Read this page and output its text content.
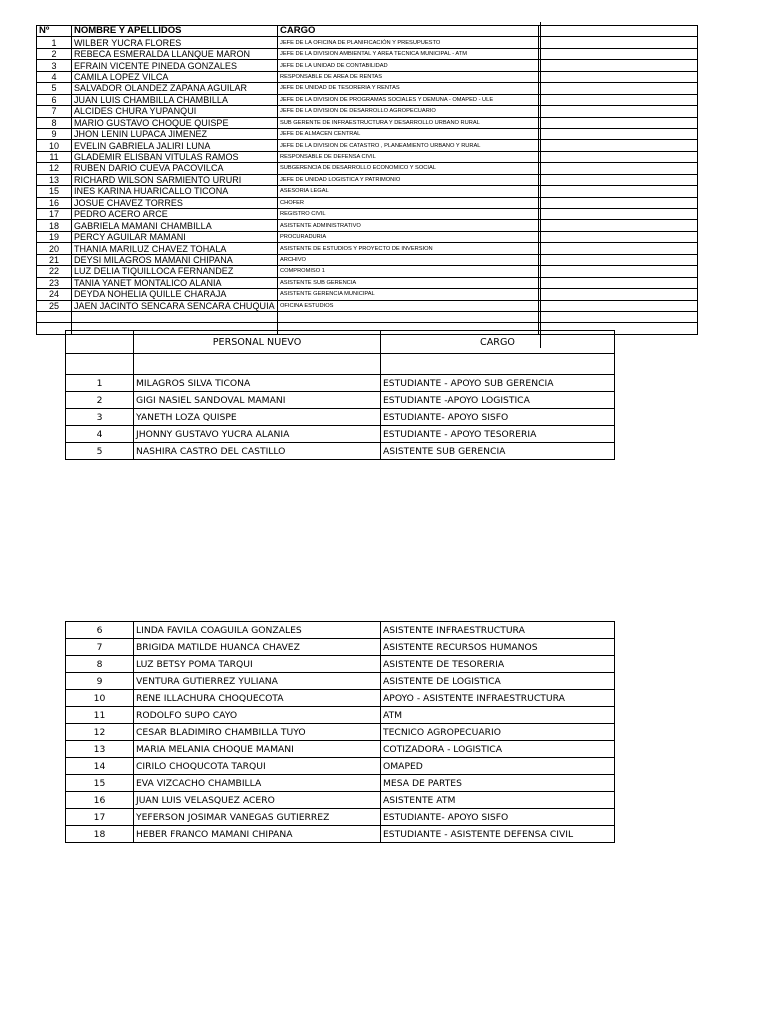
Nº	NOMBRE Y APELLIDOS	CARGO	
1	WILBER YUCRA FLORES	JEFE DE LA OFICINA DE PLANIFICACIÓN Y PRESUPUESTO	
2	REBECA ESMERALDA LLANQUE MARON	JEFE DE LA DIVISION AMBIENTAL Y AREA TECNICA MUNICIPAL - ATM	
3	EFRAIN VICENTE PINEDA GONZALES	JEFE DE LA UNIDAD DE CONTABILIDAD	
4	CAMILA LOPEZ VILCA	RESPONSABLE DE AREA DE RENTAS	
5	SALVADOR OLANDEZ ZAPANA AGUILAR	JEFE DE UNIDAD DE TESORERIA Y RENTAS	
6	JUAN LUIS CHAMBILLA CHAMBILLA	JEFE DE LA DIVISION DE PROGRAMAS SOCIALES Y DEMUNA - OMAPED - ULE	
7	ALCIDES CHURA YUPANQUI	JEFE DE LA DIVISION DE DESARROLLO AGROPECUARIO	
8	MARIO GUSTAVO CHOQUE QUISPE	SUB GERENTE DE INFRAESTRUCTURA Y DESARROLLO URBANO RURAL	
9	JHON LENIN LUPACA JIMENEZ	JEFE DE ALMACEN CENTRAL	
10	EVELIN GABRIELA JALIRI LUNA	JEFE DE LA DIVISION DE CATASTRO , PLANEAMIENTO URBANO Y RURAL	
11	GLADEMIR ELISBAN VITULAS RAMOS	RESPONSABLE DE DEFENSA CIVIL	
12	RUBEN DARIO CUEVA PACOVILCA	SUBGERENCIA DE DESARROLLO ECONOMICO Y SOCIAL	
13	RICHARD WILSON SARMIENTO URURI	JEFE DE UNIDAD LOGISTICA Y PATRIMONIO	
15	INES KARINA HUARICALLO TICONA	ASESORIA LEGAL	
16	JOSUE CHAVEZ TORRES	CHOFER	
17	PEDRO ACERO ARCE	REGISTRO CIVIL	
18	GABRIELA MAMANI CHAMBILLA	ASISTENTE ADMINISTRATIVO	
19	PERCY AGUILAR MAMANI	PROCURADURIA	
20	THANIA MARILUZ CHAVEZ TOHALA	ASISTENTE DE ESTUDIOS Y PROYECTO DE INVERSION	
21	DEYSI MILAGROS MAMANI CHIPANA	ARCHIVO	
22	LUZ DELIA TIQUILLOCA FERNANDEZ	COMPROMISO 1	
23	TANIA YANET MONTALICO ALANIA	ASISTENTE SUB GERENCIA	
24	DEYDA NOHELIA QUILLE CHARAJA	ASISTENTE GERENCIA MUNICIPAL	
25	JAEN JACINTO SENCARA SENCARA CHUQUIA	OFICINA ESTUDIOS	

	PERSONAL NUEVO	CARGO

1	MILAGROS SILVA TICONA	ESTUDIANTE - APOYO SUB GERENCIA
2	GIGI NASIEL SANDOVAL MAMANI	ESTUDIANTE -APOYO LOGISTICA
3	YANETH LOZA QUISPE	ESTUDIANTE- APOYO SISFO
4	JHONNY GUSTAVO YUCRA ALANIA	ESTUDIANTE - APOYO TESORERIA
5	NASHIRA CASTRO DEL CASTILLO	ASISTENTE SUB GERENCIA
6	LINDA FAVILA COAGUILA GONZALES	ASISTENTE INFRAESTRUCTURA
7	BRIGIDA MATILDE HUANCA CHAVEZ	ASISTENTE RECURSOS HUMANOS
8	LUZ BETSY POMA TARQUI	ASISTENTE DE TESORERIA
9	VENTURA GUTIERREZ YULIANA	ASISTENTE DE LOGISTICA
10	RENE ILLACHURA CHOQUECOTA	APOYO - ASISTENTE INFRAESTRUCTURA
11	RODOLFO SUPO CAYO	ATM
12	CESAR BLADIMIRO CHAMBILLA TUYO	TECNICO AGROPECUARIO
13	MARIA MELANIA CHOQUE MAMANI	COTIZADORA - LOGISTICA
14	CIRILO CHOQUCOTA TARQUI	OMAPED
15	EVA VIZCACHO CHAMBILLA	MESA DE PARTES
16	JUAN LUIS VELASQUEZ ACERO	ASISTENTE ATM
17	YEFERSON JOSIMAR VANEGAS GUTIERREZ	ESTUDIANTE- APOYO SISFO
18	HEBER FRANCO MAMANI CHIPANA	ESTUDIANTE - ASISTENTE DEFENSA CIVIL
